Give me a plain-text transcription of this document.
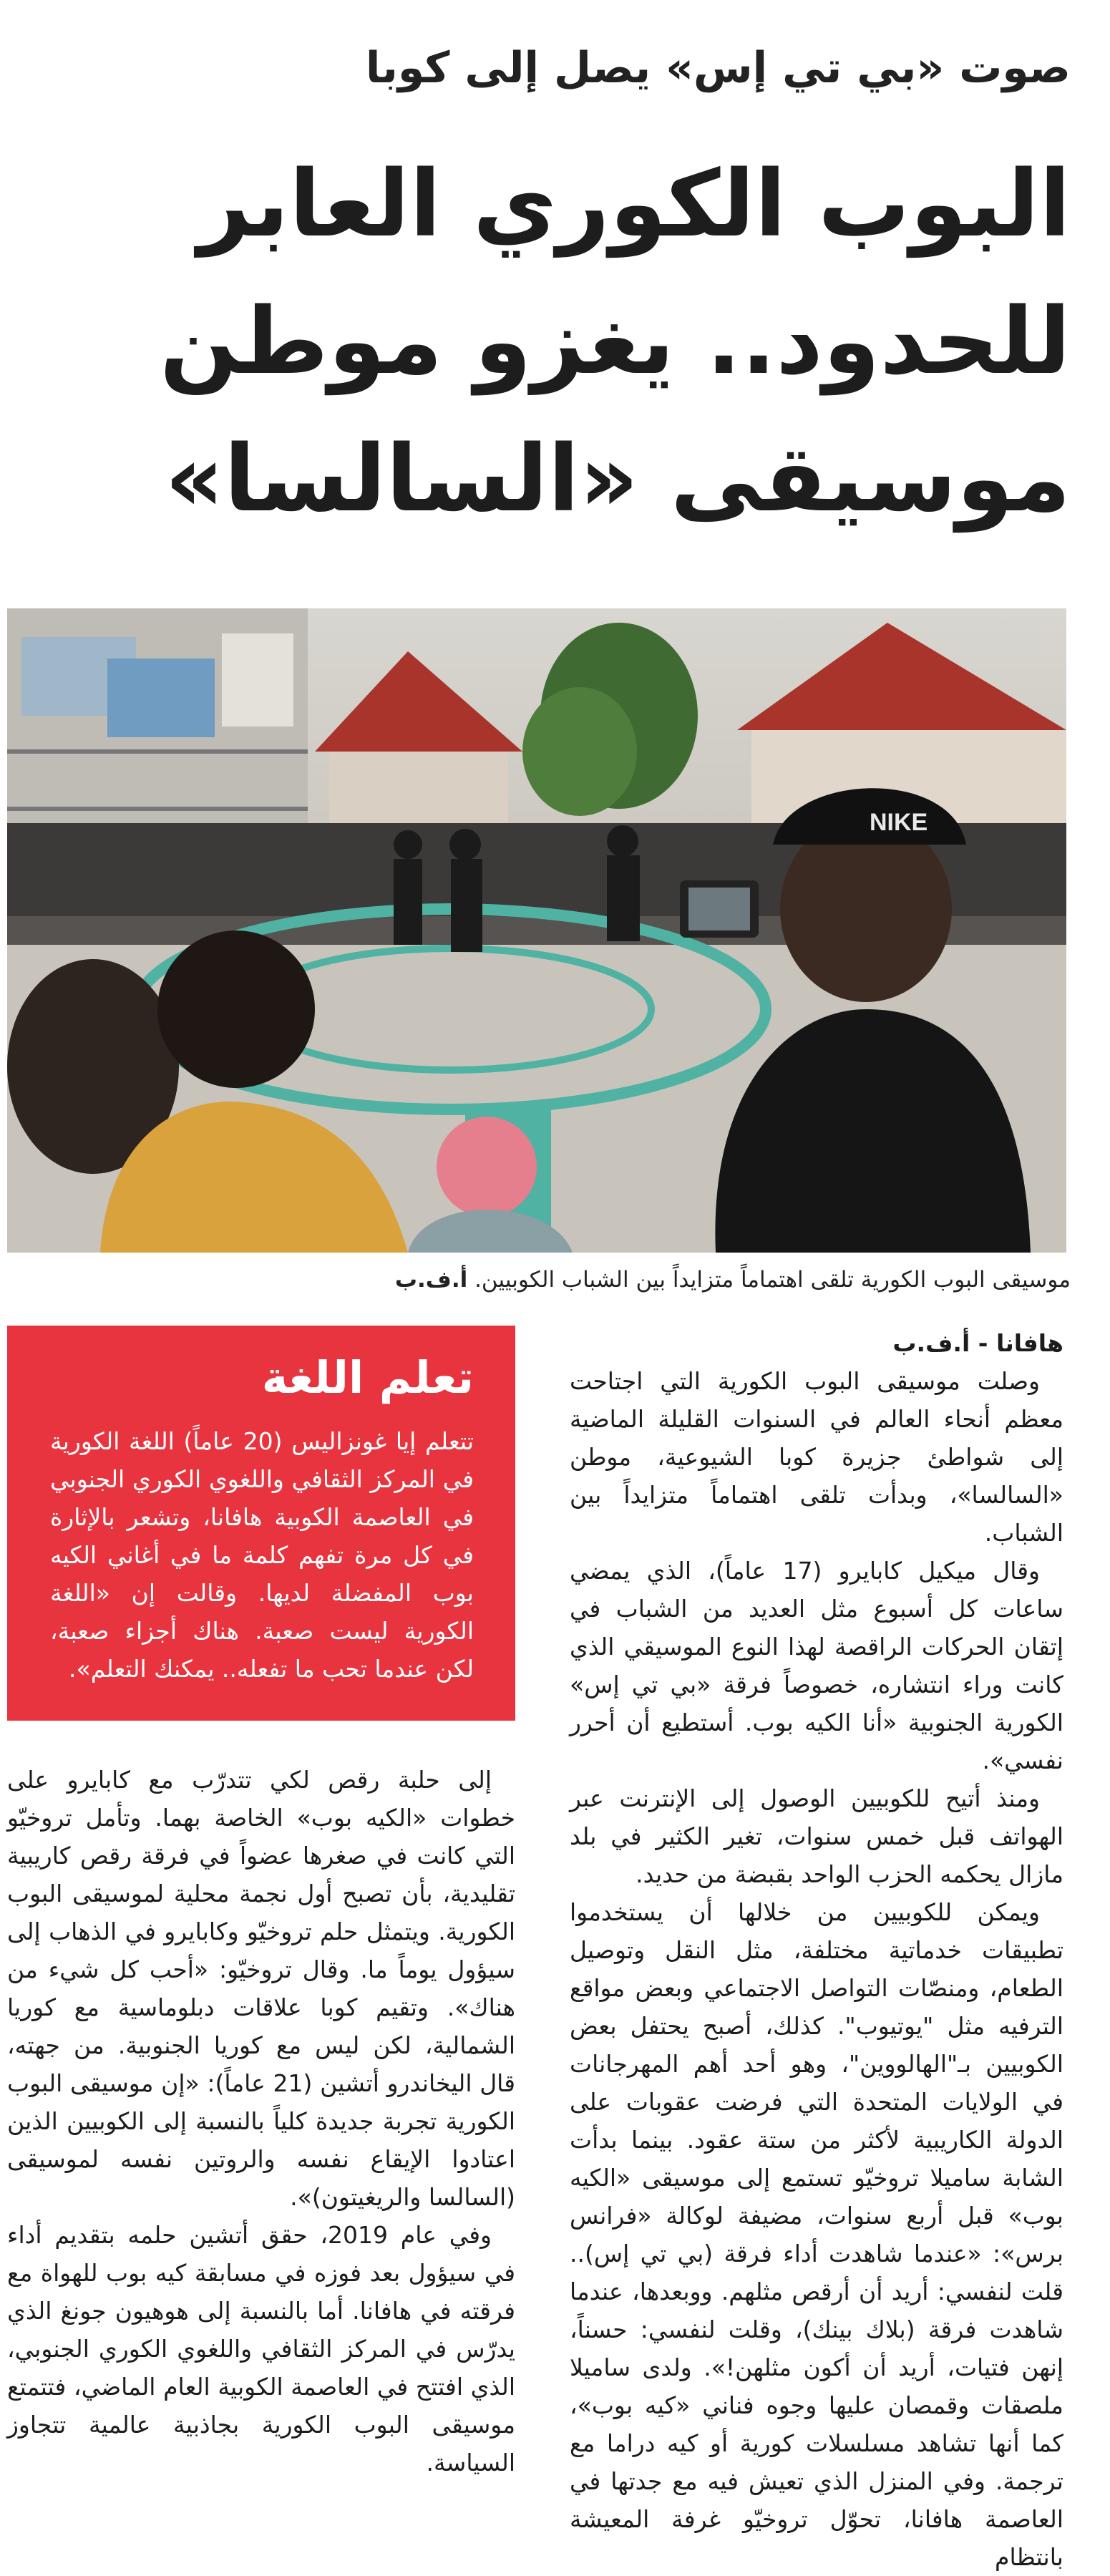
صوت «بي تي إس» يصل إلى كوبا
البوب الكوري العابر
للحدود.. يغزو موطن
موسيقى «السالسا»
NIKE
موسيقى البوب الكورية تلقى اهتماماً متزايداً بين الشباب الكوبيين. أ.ف.ب

هافانا - أ.ف.ب

وصلت موسيقى البوب الكورية التي اجتاحت معظم أنحاء العالم في السنوات القليلة الماضية إلى شواطئ جزيرة كوبا الشيوعية، موطن «السالسا»، وبدأت تلقى اهتماماً متزايداً بين الشباب.

وقال ميكيل كابايرو (17 عاماً)، الذي يمضي ساعات كل أسبوع مثل العديد من الشباب في إتقان الحركات الراقصة لهذا النوع الموسيقي الذي كانت وراء انتشاره، خصوصاً فرقة «بي تي إس» الكورية الجنوبية «أنا الكيه بوب. أستطيع أن أحرر نفسي».

ومنذ أتيح للكوبيين الوصول إلى الإنترنت عبر الهواتف قبل خمس سنوات، تغير الكثير في بلد مازال يحكمه الحزب الواحد بقبضة من حديد.

ويمكن للكوبيين من خلالها أن يستخدموا تطبيقات خدماتية مختلفة، مثل النقل وتوصيل الطعام، ومنصّات التواصل الاجتماعي وبعض مواقع الترفيه مثل "يوتيوب". كذلك، أصبح يحتفل بعض الكوبيين بـ"الهالووين"، وهو أحد أهم المهرجانات في الولايات المتحدة التي فرضت عقوبات على الدولة الكاريبية لأكثر من ستة عقود. بينما بدأت الشابة ساميلا تروخيّو تستمع إلى موسيقى «الكيه بوب» قبل أربع سنوات، مضيفة لوكالة «فرانس برس»: «عندما شاهدت أداء فرقة (بي تي إس).. قلت لنفسي: أريد أن أرقص مثلهم. ووبعدها، عندما شاهدت فرقة (بلاك بينك)، وقلت لنفسي: حسناً، إنهن فتيات، أريد أن أكون مثلهن!». ولدى ساميلا ملصقات وقمصان عليها وجوه فناني «كيه بوب»، كما أنها تشاهد مسلسلات كورية أو كيه دراما مع ترجمة. وفي المنزل الذي تعيش فيه مع جدتها في العاصمة هافانا، تحوّل تروخيّو غرفة المعيشة بانتظام

تعلم اللغة

تتعلم إيا غونزاليس (20 عاماً) اللغة الكورية في المركز الثقافي واللغوي الكوري الجنوبي في العاصمة الكوبية هافانا، وتشعر بالإثارة في كل مرة تفهم كلمة ما في أغاني الكيه بوب المفضلة لديها. وقالت إن «اللغة الكورية ليست صعبة. هناك أجزاء صعبة، لكن عندما تحب ما تفعله.. يمكنك التعلم».

إلى حلبة رقص لكي تتدرّب مع كابايرو على خطوات «الكيه بوب» الخاصة بهما. وتأمل تروخيّو التي كانت في صغرها عضواً في فرقة رقص كاريبية تقليدية، بأن تصبح أول نجمة محلية لموسيقى البوب الكورية. ويتمثل حلم تروخيّو وكابايرو في الذهاب إلى سيؤول يوماً ما. وقال تروخيّو: «أحب كل شيء من هناك». وتقيم كوبا علاقات دبلوماسية مع كوريا الشمالية، لكن ليس مع كوريا الجنوبية. من جهته، قال اليخاندرو أتشين (21 عاماً): «إن موسيقى البوب الكورية تجربة جديدة كلياً بالنسبة إلى الكوبيين الذين اعتادوا الإيقاع نفسه والروتين نفسه لموسيقى (السالسا والريغيتون)».

وفي عام 2019، حقق أتشين حلمه بتقديم أداء في سيؤول بعد فوزه في مسابقة كيه بوب للهواة مع فرقته في هافانا. أما بالنسبة إلى هوهيون جونغ الذي يدرّس في المركز الثقافي واللغوي الكوري الجنوبي، الذي افتتح في العاصمة الكوبية العام الماضي، فتتمتع موسيقى البوب الكورية بجاذبية عالمية تتجاوز السياسة.
